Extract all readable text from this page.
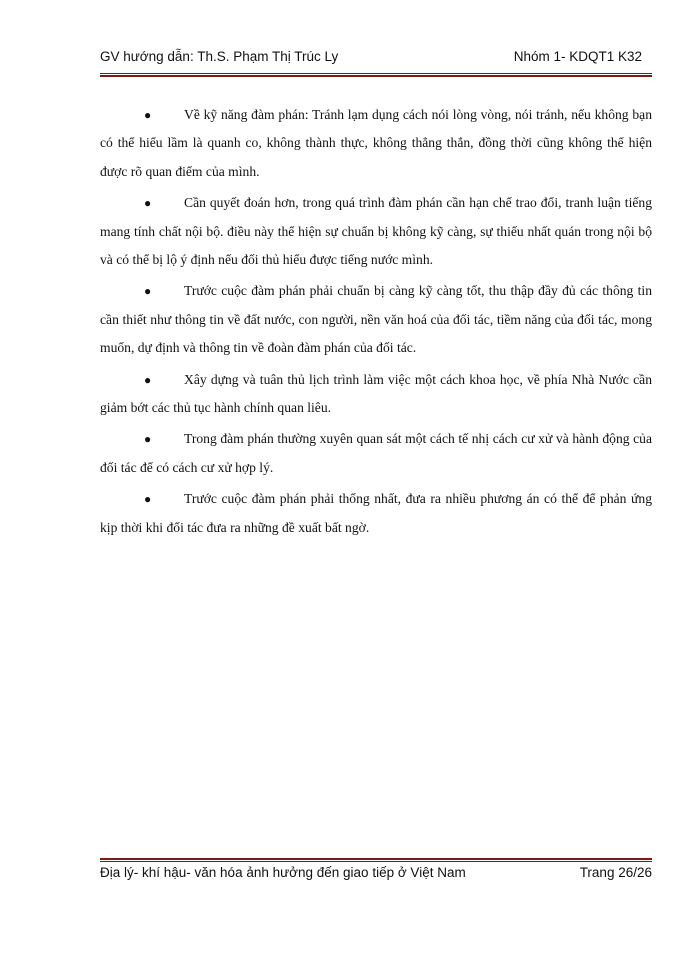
GV hướng dẫn: Th.S. Phạm Thị Trúc Ly	Nhóm 1- KDQT1 K32

● Về kỹ năng đàm phán: Tránh lạm dụng cách nói lòng vòng, nói tránh, nếu không bạn có thể hiểu lầm là quanh co, không thành thực, không thẳng thắn, đồng thời cũng không thể hiện được rõ quan điểm của mình.

● Cần quyết đoán hơn, trong quá trình đàm phán cần hạn chế trao đổi, tranh luận tiếng mang tính chất nội bộ. điều này thể hiện sự chuẩn bị không kỹ càng, sự thiếu nhất quán trong nội bộ và có thể bị lộ ý định nếu đối thủ hiểu được tiếng nước mình.

● Trước cuộc đàm phán phải chuẩn bị càng kỹ càng tốt, thu thập đầy đủ các thông tin cần thiết như thông tin về đất nước, con người, nền văn hoá của đối tác, tiềm năng của đối tác, mong muốn, dự định và thông tin về đoàn đàm phán của đối tác.

● Xây dựng và tuân thủ lịch trình làm việc một cách khoa học, về phía Nhà Nước cần giảm bớt các thủ tục hành chính quan liêu.

● Trong đàm phán thường xuyên quan sát một cách tế nhị cách cư xử và hành động của đối tác để có cách cư xử hợp lý.

● Trước cuộc đàm phán phải thống nhất, đưa ra nhiều phương án có thể để phản ứng kịp thời khi đối tác đưa ra những đề xuất bất ngờ.

Địa lý- khí hậu- văn hóa ảnh hưởng đến giao tiếp ở Việt Nam	Trang 26/26
